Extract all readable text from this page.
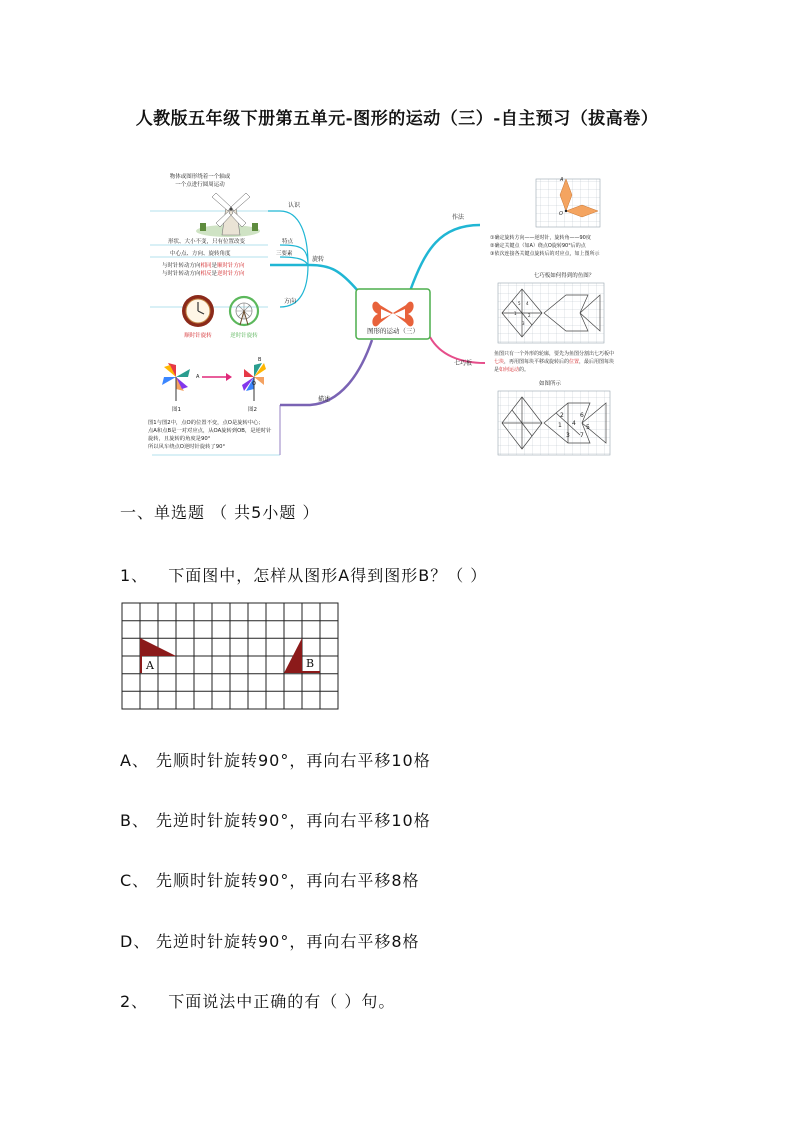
人教版五年级下册第五单元-图形的运动（三）-自主预习（拔高卷）
图形的运动（三）
物体或图形绕着一个轴或
一个点进行圆周运动
认识
旋转
形状、大小不变，只有位置改变	特点
中心点、方向、旋转角度	三要素
与时针转动方向相同是顺时针方向
与时针转动方向相反是逆时针方向
方向
顺时针旋转	逆时针旋转
描述
A
图1
B
O
图2
图1与图2中，点O的位置不变，点O是旋转中心；
点A和点B是一对对应点，从OA旋转到OB，是逆时针
旋转，且旋转的角度是90°
所以风车绕点O逆时针旋转了90°
作法
A
O
①确定旋转方向——逆时针，旋转角——90度
②确定关键点（如A）绕点O旋转90°后的点
③依次连接各关键点旋转后的对应点，如上图所示
七巧板
七巧板如何得到的鱼图？
5 4
1	2
3
鱼图只有一个外形的轮廓，要先为鱼图分割出七巧板中
七块，再用图每块平移或旋转后的位置，最后用图每块
是如何运动的。
如图所示
2	6
4
1	5
3 7
一、单选题 （ 共5小题 ）
1、 下面图中，怎样从图形A得到图形B？（ ）
A	B
A、 先顺时针旋转90°，再向右平移10格
B、 先逆时针旋转90°，再向右平移10格
C、 先顺时针旋转90°，再向右平移8格
D、 先逆时针旋转90°，再向右平移8格
2、 下面说法中正确的有（ ）句。
